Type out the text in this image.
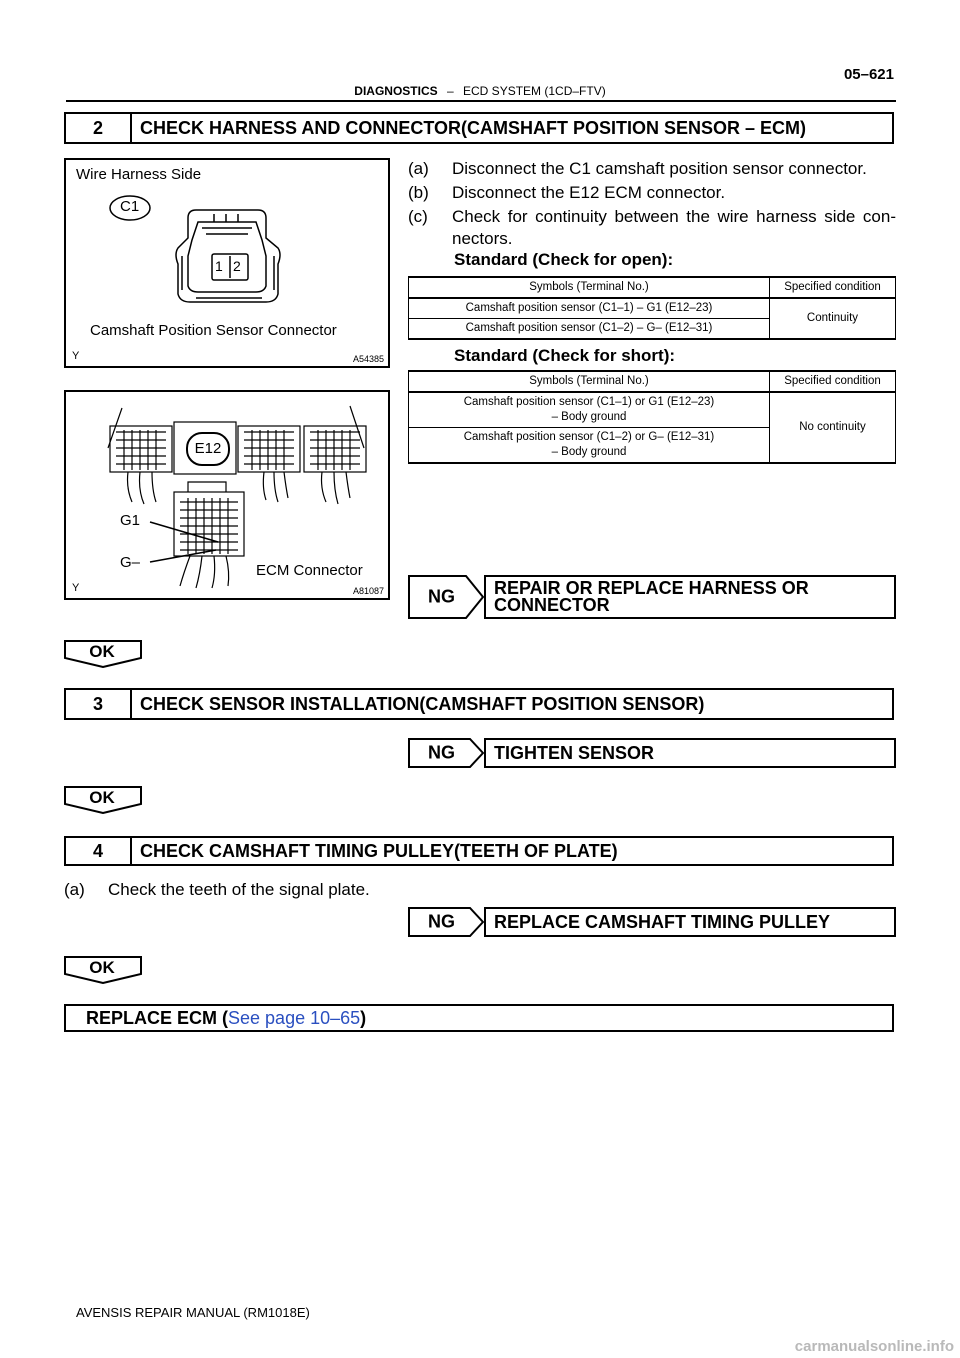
DIAGNOSTICS – ECD SYSTEM (1CD–FTV)
05–621
2	CHECK HARNESS AND CONNECTOR(CAMSHAFT POSITION SENSOR – ECM)
Wire Harness Side
C1
1 2
Camshaft Position Sensor Connector
Y	A54385
E12
G1
G–	ECM Connector
Y	A81087
(a)	Disconnect the C1 camshaft position sensor connector.
(b)	Disconnect the E12 ECM connector.
(c)	Check for continuity between the wire harness side con- nectors.
Standard (Check for open):
Symbols (Terminal No.)	Specified condition
Camshaft position sensor (C1–1) – G1 (E12–23)	Continuity
Camshaft position sensor (C1–2) – G– (E12–31)	
Standard (Check for short):
Symbols (Terminal No.)	Specified condition

Camshaft position sensor (C1–1) or G1 (E12–23)
– Body ground	No continuity

Camshaft position sensor (C1–2) or G– (E12–31)
– Body ground	
NG	REPAIR OR REPLACE HARNESS OR CONNECTOR
OK
3	CHECK SENSOR INSTALLATION(CAMSHAFT POSITION SENSOR)
NG	TIGHTEN SENSOR
OK
4	CHECK CAMSHAFT TIMING PULLEY(TEETH OF PLATE)
(a)	Check the teeth of the signal plate.
NG	REPLACE CAMSHAFT TIMING PULLEY
OK
REPLACE ECM (See page 10–65)
AVENSIS REPAIR MANUAL (RM1018E)
carmanualsonline.info
